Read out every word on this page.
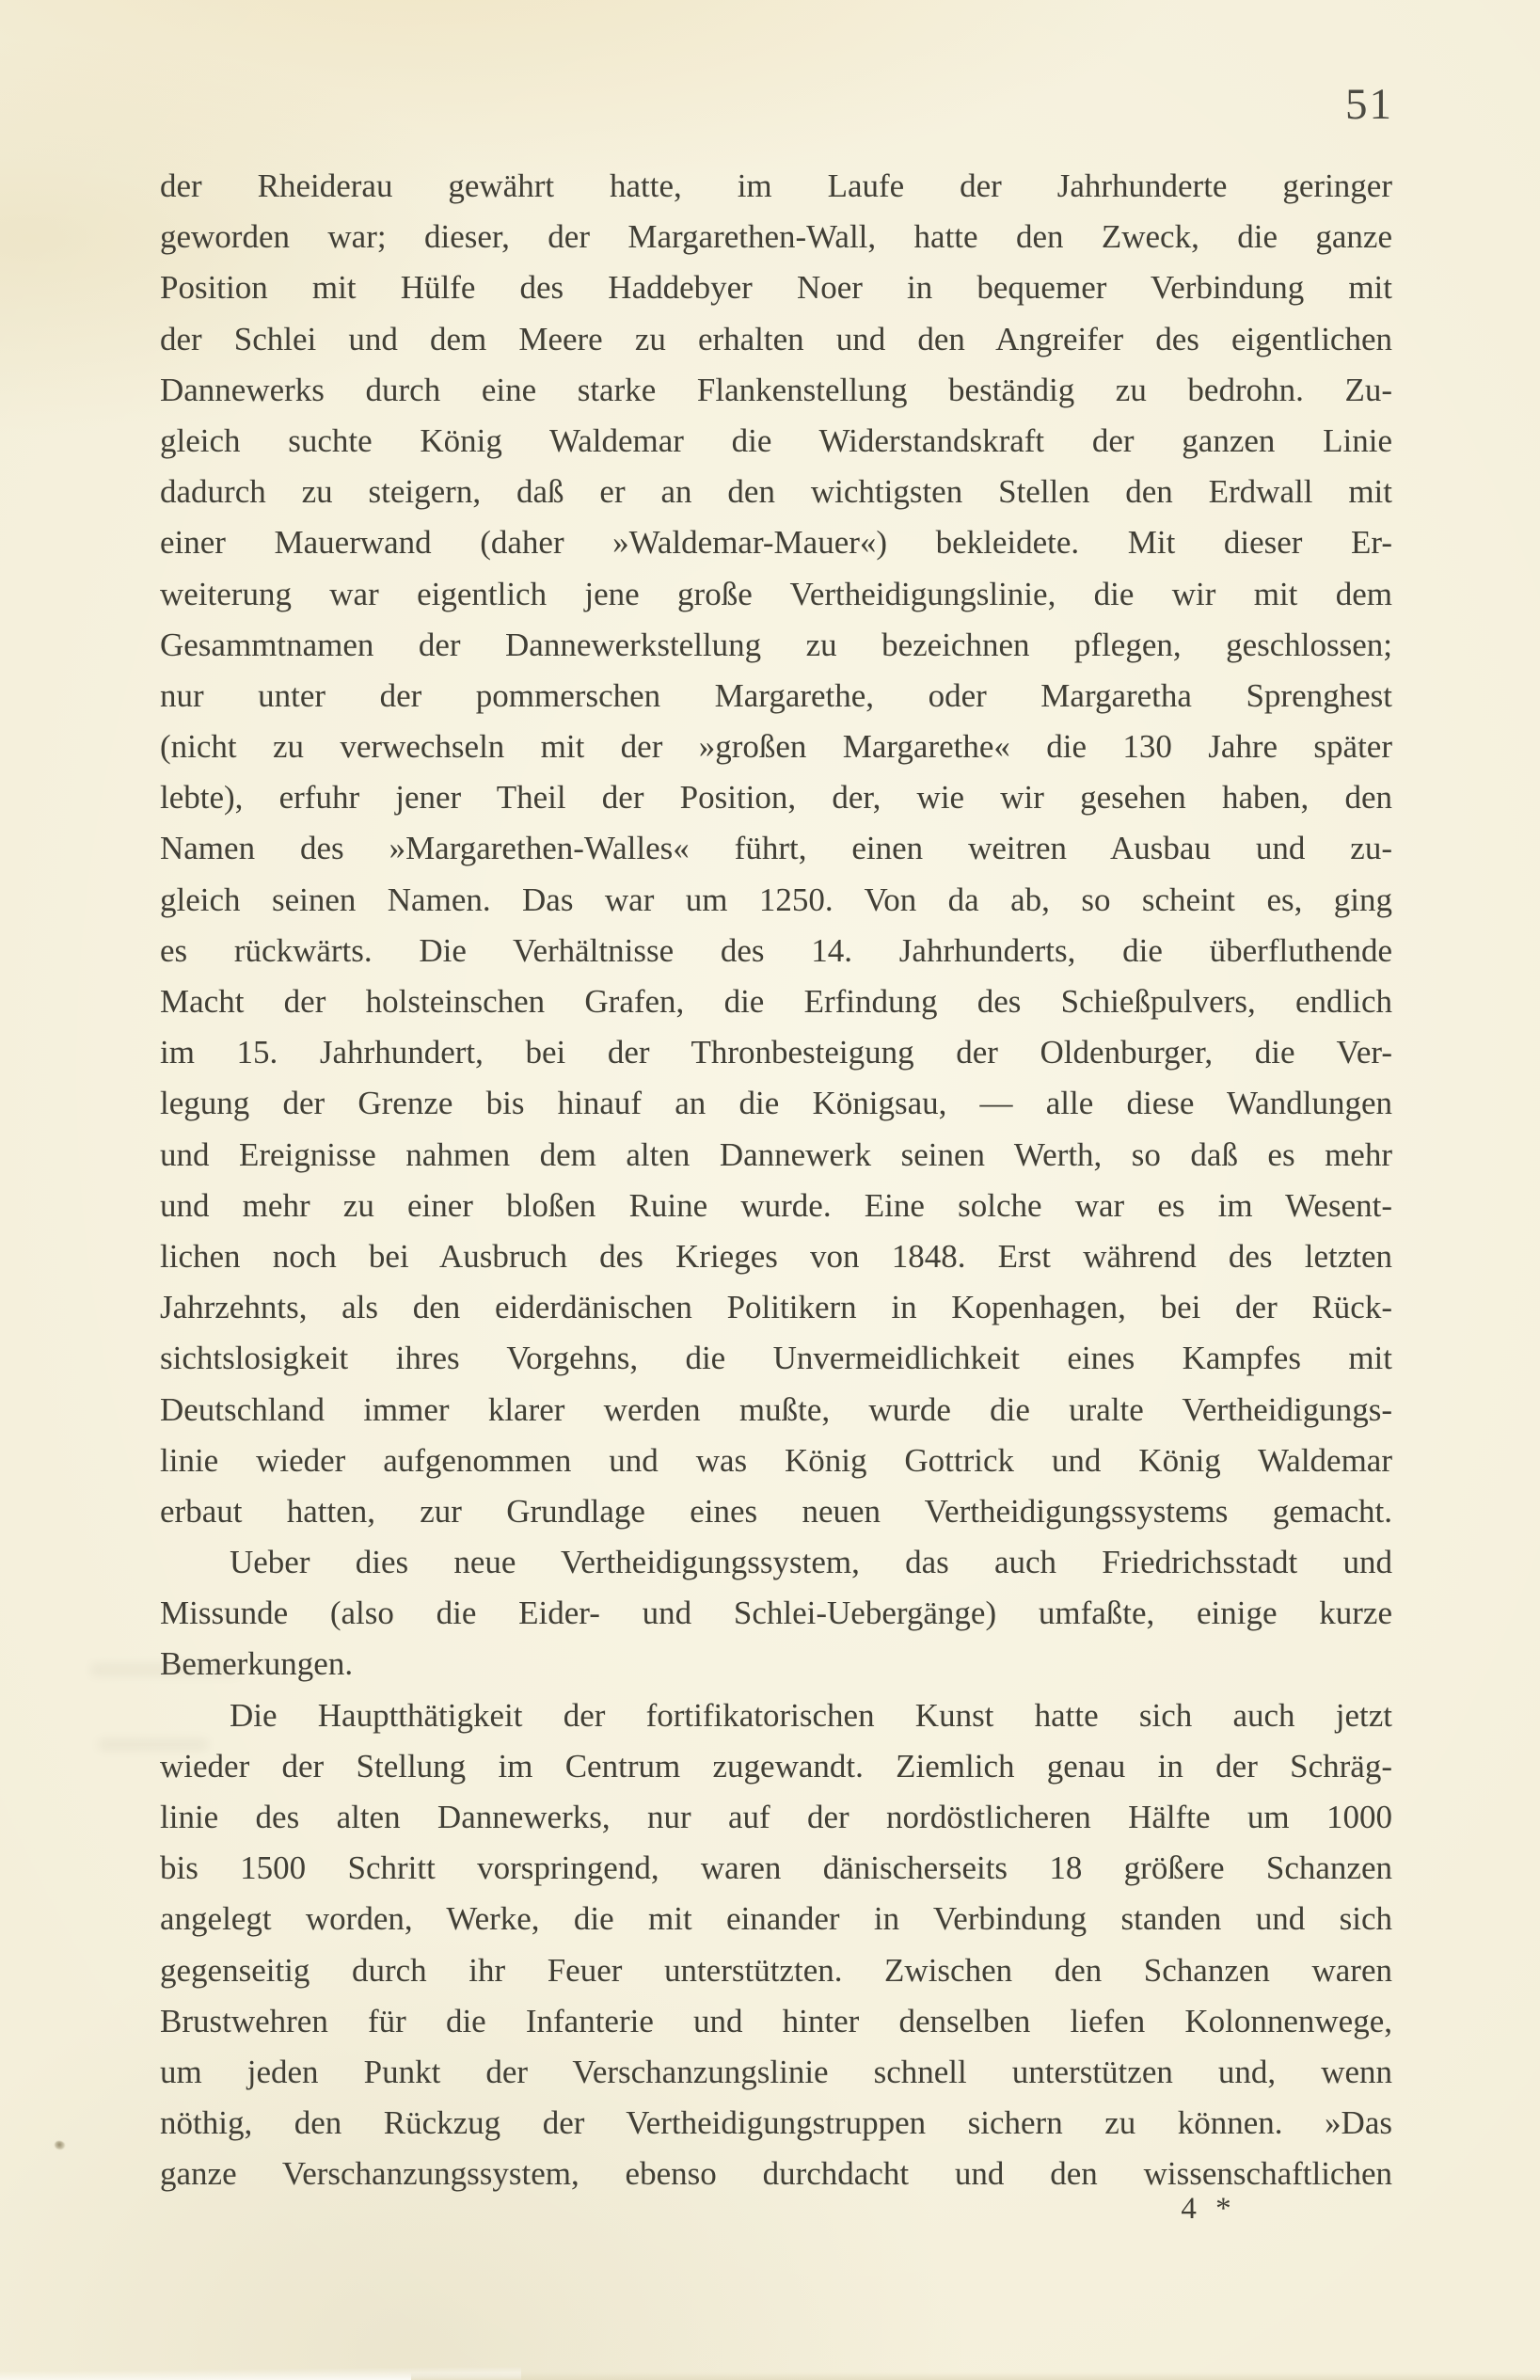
51
der Rheiderau gewährt hatte, im Laufe der Jahrhunderte geringer
geworden war; dieser, der Margarethen-Wall, hatte den Zweck, die ganze
Position mit Hülfe des Haddebyer Noer in bequemer Verbindung mit
der Schlei und dem Meere zu erhalten und den Angreifer des eigentlichen
Dannewerks durch eine starke Flankenstellung beständig zu bedrohn. Zu-
gleich suchte König Waldemar die Widerstandskraft der ganzen Linie
dadurch zu steigern, daß er an den wichtigsten Stellen den Erdwall mit
einer Mauerwand (daher »Waldemar-Mauer«) bekleidete. Mit dieser Er-
weiterung war eigentlich jene große Vertheidigungslinie, die wir mit dem
Gesammtnamen der Dannewerkstellung zu bezeichnen pflegen, geschlossen;
nur unter der pommerschen Margarethe, oder Margaretha Sprenghest
(nicht zu verwechseln mit der »großen Margarethe« die 130 Jahre später
lebte), erfuhr jener Theil der Position, der, wie wir gesehen haben, den
Namen des »Margarethen-Walles« führt, einen weitren Ausbau und zu-
gleich seinen Namen. Das war um 1250. Von da ab, so scheint es, ging
es rückwärts. Die Verhältnisse des 14. Jahrhunderts, die überfluthende
Macht der holsteinschen Grafen, die Erfindung des Schießpulvers, endlich
im 15. Jahrhundert, bei der Thronbesteigung der Oldenburger, die Ver-
legung der Grenze bis hinauf an die Königsau, — alle diese Wandlungen
und Ereignisse nahmen dem alten Dannewerk seinen Werth, so daß es mehr
und mehr zu einer bloßen Ruine wurde. Eine solche war es im Wesent-
lichen noch bei Ausbruch des Krieges von 1848. Erst während des letzten
Jahrzehnts, als den eiderdänischen Politikern in Kopenhagen, bei der Rück-
sichtslosigkeit ihres Vorgehns, die Unvermeidlichkeit eines Kampfes mit
Deutschland immer klarer werden mußte, wurde die uralte Vertheidigungs-
linie wieder aufgenommen und was König Gottrick und König Waldemar
erbaut hatten, zur Grundlage eines neuen Vertheidigungssystems gemacht.
Ueber dies neue Vertheidigungssystem, das auch Friedrichsstadt und
Missunde (also die Eider- und Schlei-Uebergänge) umfaßte, einige kurze
Bemerkungen.
Die Hauptthätigkeit der fortifikatorischen Kunst hatte sich auch jetzt
wieder der Stellung im Centrum zugewandt. Ziemlich genau in der Schräg-
linie des alten Dannewerks, nur auf der nordöstlicheren Hälfte um 1000
bis 1500 Schritt vorspringend, waren dänischerseits 18 größere Schanzen
angelegt worden, Werke, die mit einander in Verbindung standen und sich
gegenseitig durch ihr Feuer unterstützten. Zwischen den Schanzen waren
Brustwehren für die Infanterie und hinter denselben liefen Kolonnenwege,
um jeden Punkt der Verschanzungslinie schnell unterstützen und, wenn
nöthig, den Rückzug der Vertheidigungstruppen sichern zu können. »Das
ganze Verschanzungssystem, ebenso durchdacht und den wissenschaftlichen
4 *
